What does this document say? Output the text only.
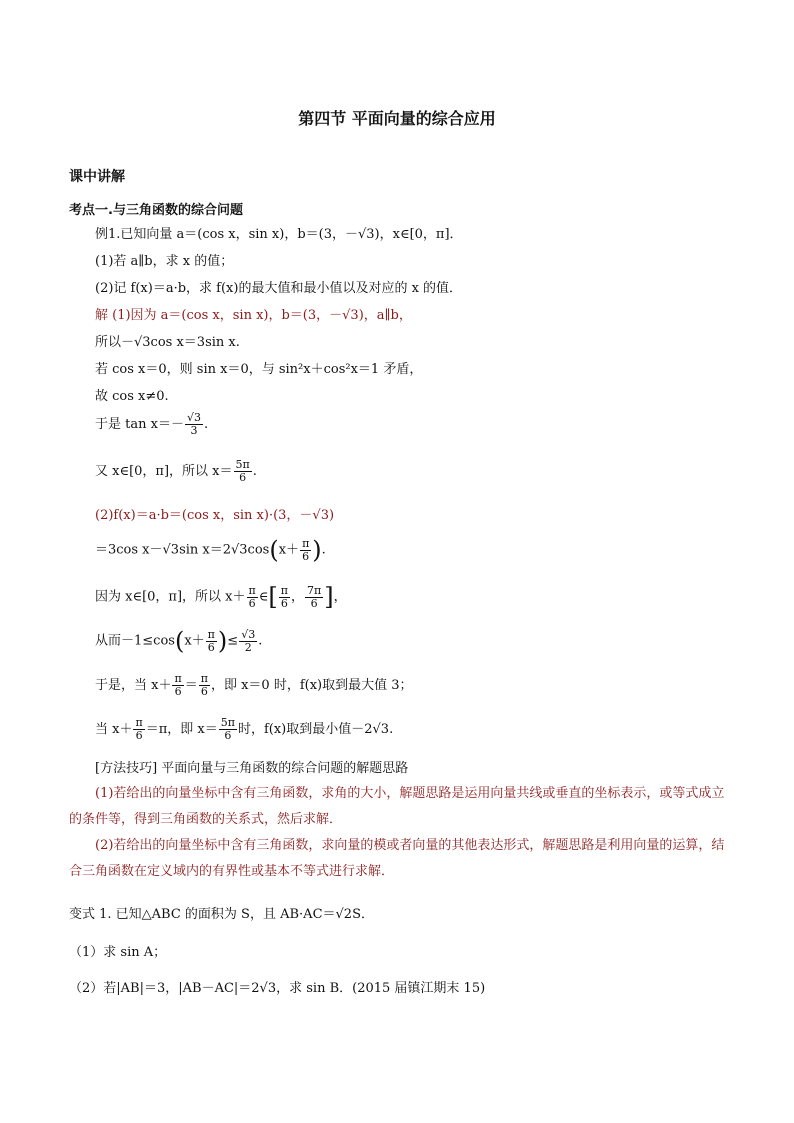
第四节 平面向量的综合应用
课中讲解
考点一.与三角函数的综合问题
例1.已知向量 a＝(cos x，sin x)，b＝(3，－√3)，x∈[0，π]．
(1)若 a∥b，求 x 的值；
(2)记 f(x)＝a·b，求 f(x)的最大值和最小值以及对应的 x 的值．
解 (1)因为 a＝(cos x，sin x)，b＝(3，－√3)，a∥b，
所以－√3cos x＝3sin x.
若 cos x＝0，则 sin x＝0，与 sin²x＋cos²x＝1 矛盾，
故 cos x≠0.
于是 $\tan x=- \frac{√3}{3}$ .
又 x∈[0，π]，所以 $x= \frac{5\pi}{6}$ .
(2)f(x)＝a·b＝(cos x，sin x)·(3，－√3)
＝3cos x－√3sin $x=2√3\cos(x+ \frac{\pi}{6}$ ).
因为 x∈[0，π]，所以 $x+ \frac{\pi}{6}$ ∈[ $\frac{\pi}{6}$ ， $\frac{7\pi}{6}$ ]，
从而$-1\le\cos(x+ \frac{\pi}{6}$ )≤ $\frac{√3}{2}$ .
于是，当 $x+ \frac{\pi}{6} = \frac{\pi}{6}$ ，即 x＝0 时，f(x)取到最大值 3；
当 $x+ \frac{\pi}{6} =\pi$，即 $x= \frac{5\pi}{6}$ 时，f(x)取到最小值－2√3.
[方法技巧] 平面向量与三角函数的综合问题的解题思路
(1)若给出的向量坐标中含有三角函数，求角的大小，解题思路是运用向量共线或垂直的坐标表示，或等式成立的条件等，得到三角函数的关系式，然后求解．
(2)若给出的向量坐标中含有三角函数，求向量的模或者向量的其他表达形式，解题思路是利用向量的运算，结合三角函数在定义域内的有界性或基本不等式进行求解．
变式 1. 已知△ABC 的面积为 S，且 AB·AC＝√2S．
（1）求 sin A；
（2）若|AB|＝3，|AB－AC|＝2√3，求 sin B．(2015 届镇江期末 15)
